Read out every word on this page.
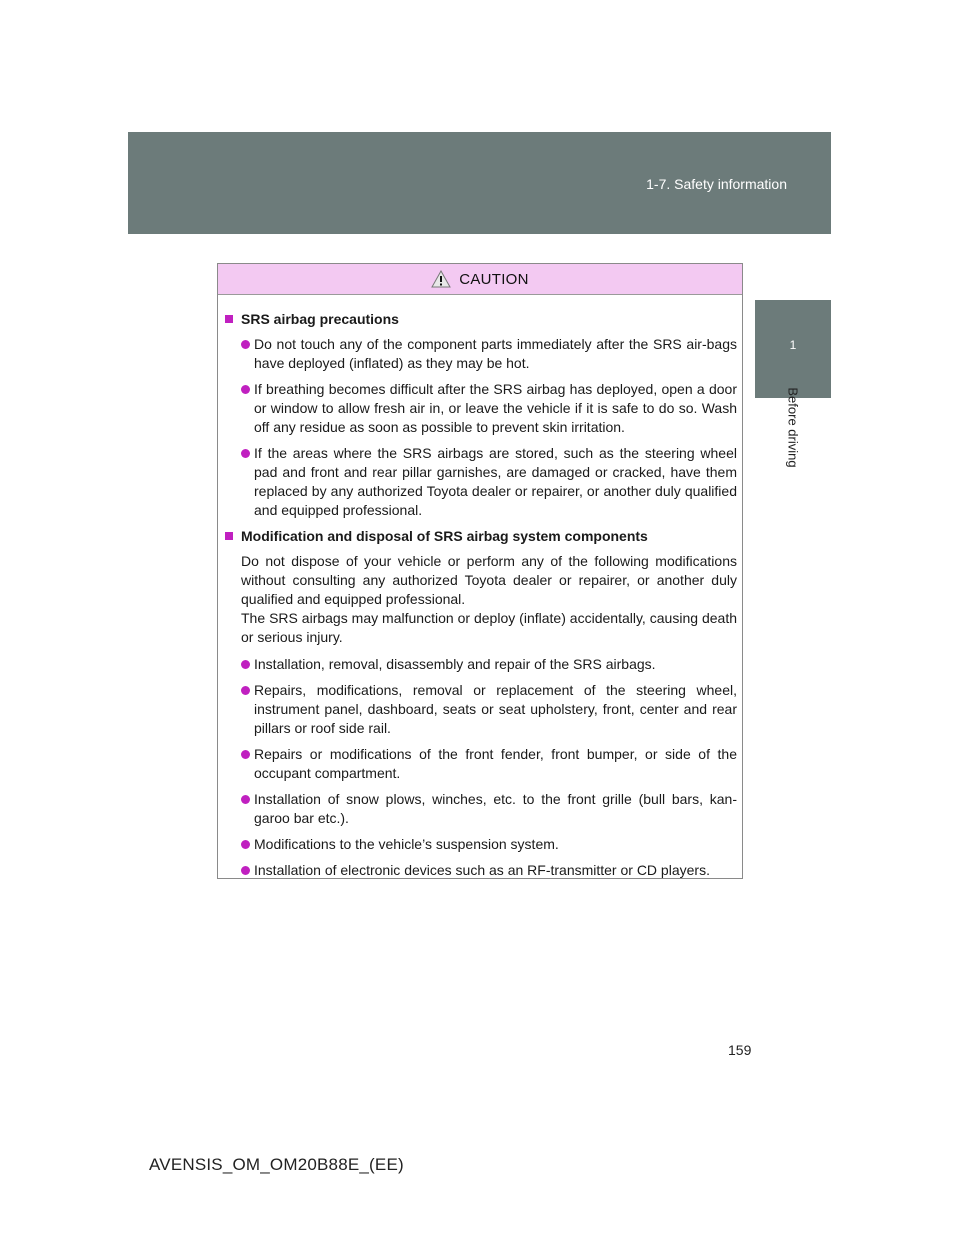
1-7. Safety information
1
Before driving
CAUTION
SRS airbag precautions
Do not touch any of the component parts immediately after the SRS air-bags have deployed (inflated) as they may be hot.
If breathing becomes difficult after the SRS airbag has deployed, open a door or window to allow fresh air in, or leave the vehicle if it is safe to do so. Wash off any residue as soon as possible to prevent skin irritation.
If the areas where the SRS airbags are stored, such as the steering wheel pad and front and rear pillar garnishes, are damaged or cracked, have them replaced by any authorized Toyota dealer or repairer, or another duly qualified and equipped professional.
Modification and disposal of SRS airbag system components
Do not dispose of your vehicle or perform any of the following modifications without consulting any authorized Toyota dealer or repairer, or another duly qualified and equipped professional.
The SRS airbags may malfunction or deploy (inflate) accidentally, causing death or serious injury.
Installation, removal, disassembly and repair of the SRS airbags.
Repairs, modifications, removal or replacement of the steering wheel, instrument panel, dashboard, seats or seat upholstery, front, center and rear pillars or roof side rail.
Repairs or modifications of the front fender, front bumper, or side of the occupant compartment.
Installation of snow plows, winches, etc. to the front grille (bull bars, kan-garoo bar etc.).
Modifications to the vehicle’s suspension system.
Installation of electronic devices such as an RF-transmitter or CD players.
159
AVENSIS_OM_OM20B88E_(EE)
